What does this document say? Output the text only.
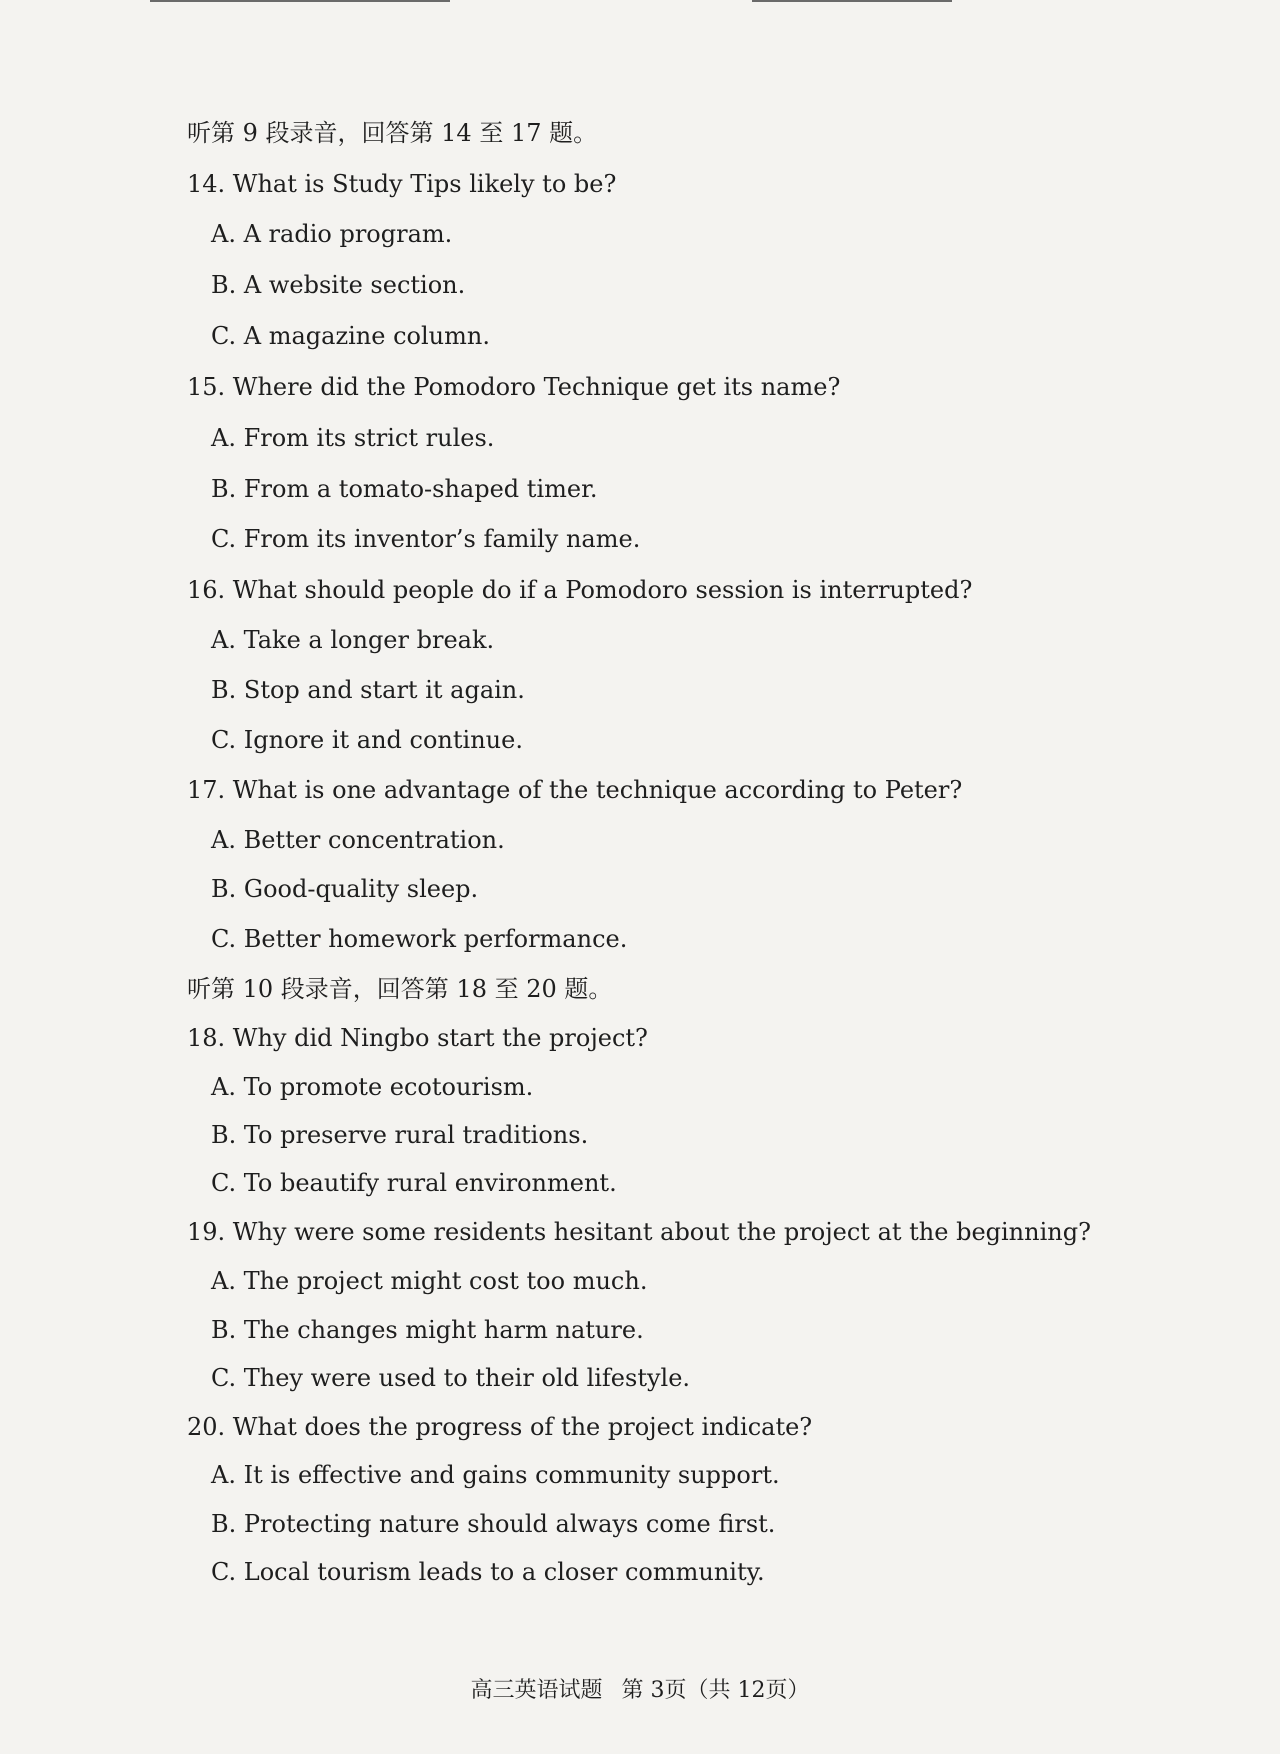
听第 9 段录音，回答第 14 至 17 题。
14. What is Study Tips likely to be?
A. A radio program.
B. A website section.
C. A magazine column.
15. Where did the Pomodoro Technique get its name?
A. From its strict rules.
B. From a tomato-shaped timer.
C. From its inventor’s family name.
16. What should people do if a Pomodoro session is interrupted?
A. Take a longer break.
B. Stop and start it again.
C. Ignore it and continue.
17. What is one advantage of the technique according to Peter?
A. Better concentration.
B. Good-quality sleep.
C. Better homework performance.
听第 10 段录音，回答第 18 至 20 题。
18. Why did Ningbo start the project?
A. To promote ecotourism.
B. To preserve rural traditions.
C. To beautify rural environment.
19. Why were some residents hesitant about the project at the beginning?
A. The project might cost too much.
B. The changes might harm nature.
C. They were used to their old lifestyle.
20. What does the progress of the project indicate?
A. It is effective and gains community support.
B. Protecting nature should always come first.
C. Local tourism leads to a closer community.
高三英语试题 第 3页（共 12页）
